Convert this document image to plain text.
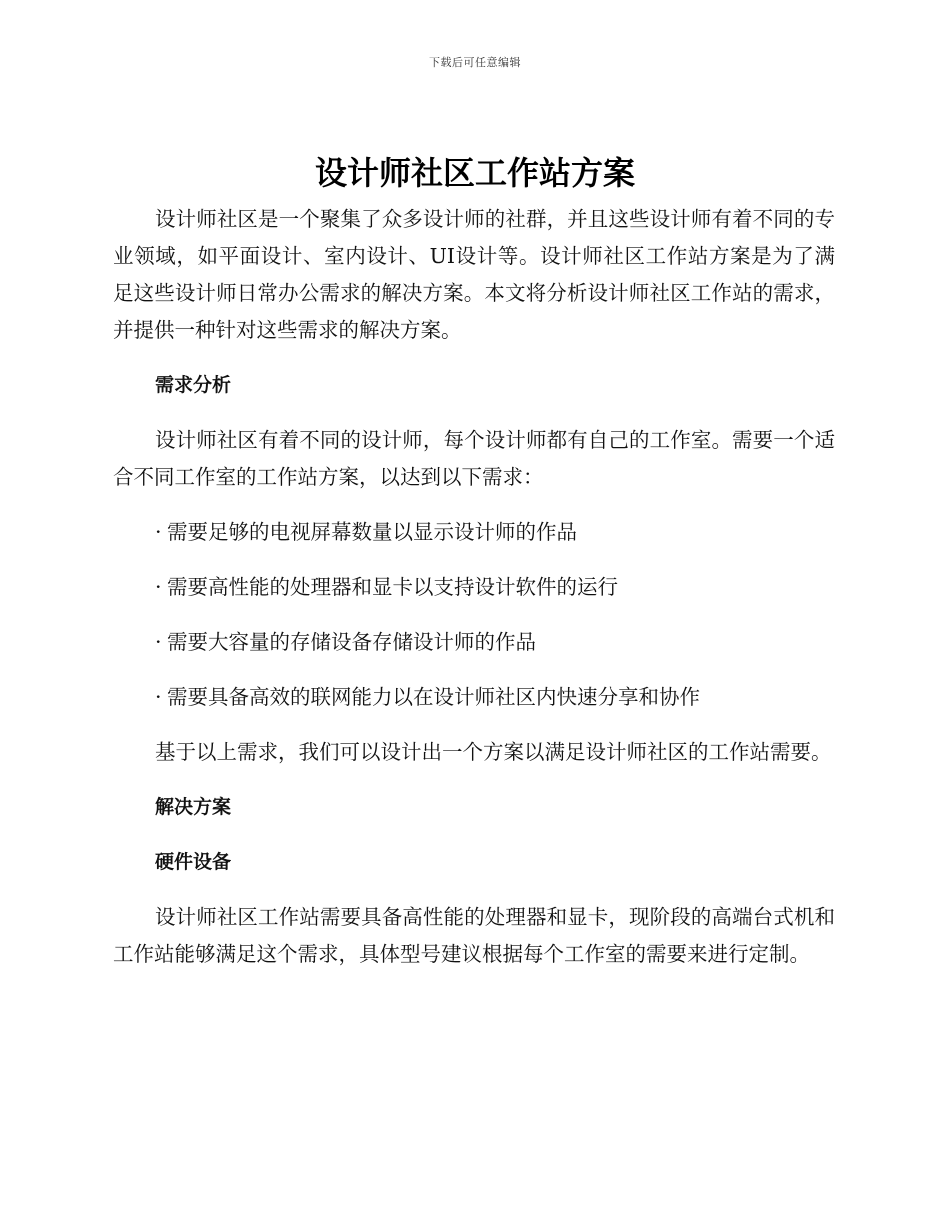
下载后可任意编辑
设计师社区工作站方案

设计师社区是一个聚集了众多设计师的社群，并且这些设计师有着不同的专业领域，如平面设计、室内设计、UI设计等。设计师社区工作站方案是为了满足这些设计师日常办公需求的解决方案。本文将分析设计师社区工作站的需求，并提供一种针对这些需求的解决方案。

需求分析

设计师社区有着不同的设计师，每个设计师都有自己的工作室。需要一个适合不同工作室的工作站方案，以达到以下需求：

· 需要足够的电视屏幕数量以显示设计师的作品
· 需要高性能的处理器和显卡以支持设计软件的运行
· 需要大容量的存储设备存储设计师的作品
· 需要具备高效的联网能力以在设计师社区内快速分享和协作

基于以上需求，我们可以设计出一个方案以满足设计师社区的工作站需要。

解决方案
硬件设备

设计师社区工作站需要具备高性能的处理器和显卡，现阶段的高端台式机和工作站能够满足这个需求，具体型号建议根据每个工作室的需要来进行定制。
